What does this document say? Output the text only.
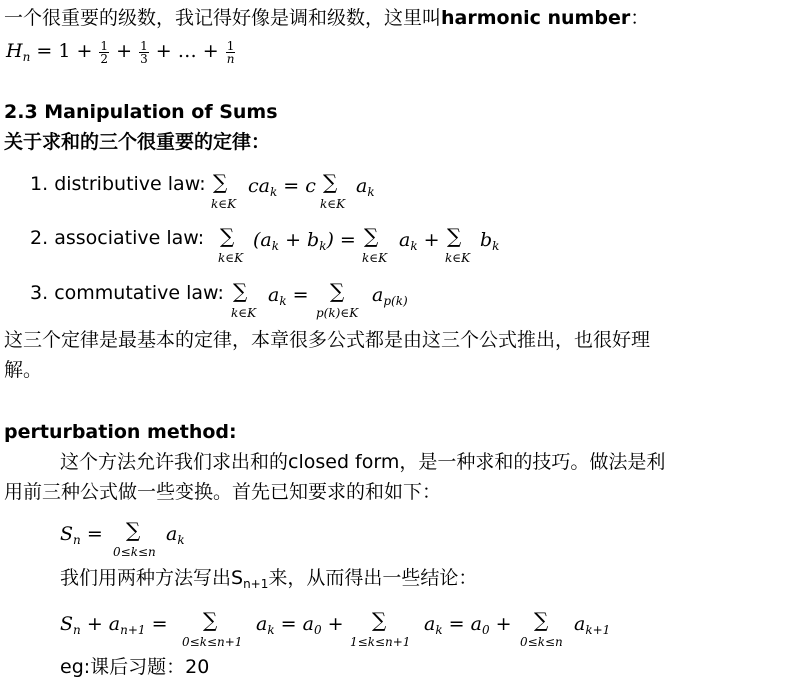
一个很重要的级数，我记得好像是调和级数，这里叫harmonic number：
$H_n = 1 + \frac{1}{2} + \frac{1}{3}$ + … + $\frac{1}{n}$
2.3 Manipulation of Sums
关于求和的三个很重要的定律：
1. distributive law: ∑
k∈K
$ca_k = c$ ∑
k∈K
$a_k$
2. associative law: ∑
k∈K
$(a_k + b_k)$ = ∑
k∈K
$a_k$ + ∑
k∈K
$b_k$
3. commutative law: ∑
k∈K
$a_k$ = ∑
p(k)∈K
$a_{p(k)}$
这三个定律是最基本的定律，本章很多公式都是由这三个公式推出，也很好理
解。
perturbation method:
这个方法允许我们求出和的closed form，是一种求和的技巧。做法是利
用前三种公式做一些变换。首先已知要求的和如下：
$S_n$ = ∑
0≤k≤n
$a_k$
我们用两种方法写出$S_{n+1}$来，从而得出一些结论：
$S_n + a_{n+1}$ = ∑
0≤k≤n+1
$a_k = a_0$ + ∑
1≤k≤n+1
$a_k = a_0$ + ∑
0≤k≤n
$a_{k+1}$
eg:课后习题：20
